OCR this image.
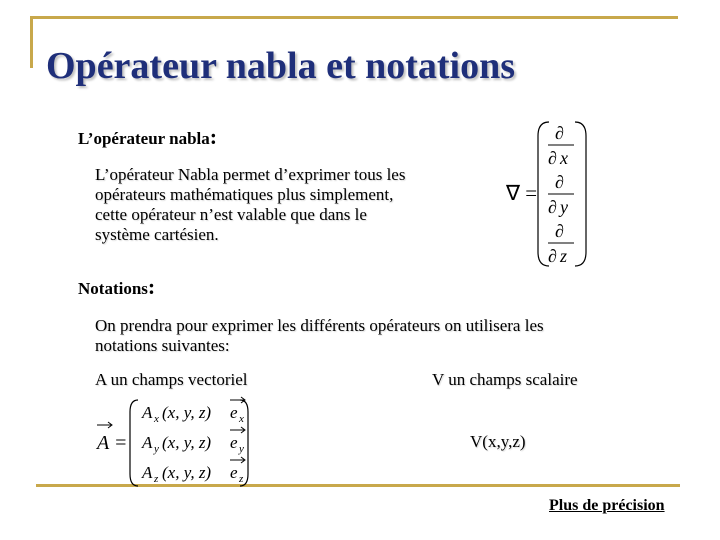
Opérateur nabla et notations
L’opérateur nabla:
L’opérateur Nabla permet d’exprimer tous les opérateurs mathématiques plus simplement, cette opérateur n’est valable que dans le système cartésien.
∇ =
∂
∂ x
∂
∂ y
∂
∂ z
Notations:
On prendra pour exprimer les différents opérateurs on utilisera les notations suivantes:
A un champs vectoriel	V un champs scalaire
A =
A x (x, y, z) e x
A y (x, y, z) e y
A z (x, y, z) e z
V(x,y,z)
Plus de précision
